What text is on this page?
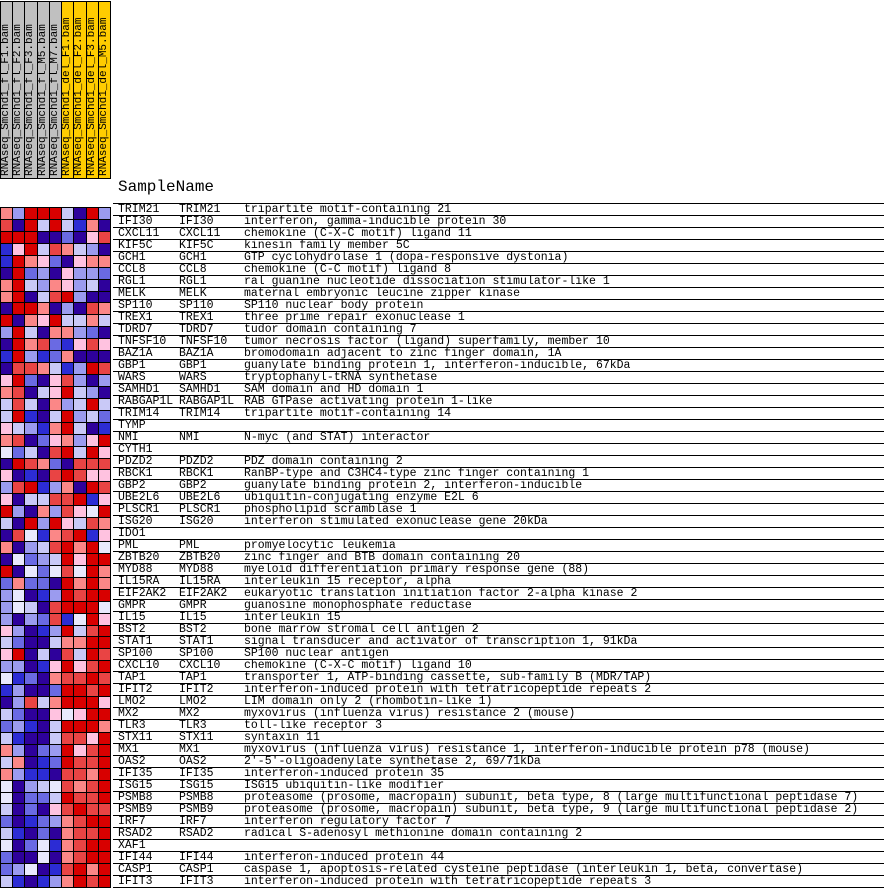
RNAseq_Smchd1_fl_F1.bam RNAseq_Smchd1_fl_F2.bam RNAseq_Smchd1_fl_F3.bam RNAseq_Smchd1_fl_M5.bam RNAseq_Smchd1_fl_M7.bam RNAseq_Smchd1_del_F1.bam RNAseq_Smchd1_del_F2.bam RNAseq_Smchd1_del_F3.bam RNAseq_Smchd1_del_M5.bam
SampleName
TRIM21	TRIM21	tripartite motif-containing 21
IFI30	IFI30	interferon, gamma-inducible protein 30
CXCL11	CXCL11	chemokine (C-X-C motif) ligand 11
KIF5C	KIF5C	kinesin family member 5C
GCH1	GCH1	GTP cyclohydrolase 1 (dopa-responsive dystonia)
CCL8	CCL8	chemokine (C-C motif) ligand 8
RGL1	RGL1	ral guanine nucleotide dissociation stimulator-like 1
MELK	MELK	maternal embryonic leucine zipper kinase
SP110	SP110	SP110 nuclear body protein
TREX1	TREX1	three prime repair exonuclease 1
TDRD7	TDRD7	tudor domain containing 7
TNFSF10	TNFSF10	tumor necrosis factor (ligand) superfamily, member 10
BAZ1A	BAZ1A	bromodomain adjacent to zinc finger domain, 1A
GBP1	GBP1	guanylate binding protein 1, interferon-inducible, 67kDa
WARS	WARS	tryptophanyl-tRNA synthetase
SAMHD1	SAMHD1	SAM domain and HD domain 1
RABGAP1L RABGAP1L RAB GTPase activating protein 1-like
TRIM14	TRIM14	tripartite motif-containing 14
TYMP
NMI	NMI	N-myc (and STAT) interactor
CYTH1
PDZD2	PDZD2	PDZ domain containing 2
RBCK1	RBCK1	RanBP-type and C3HC4-type zinc finger containing 1
GBP2	GBP2	guanylate binding protein 2, interferon-inducible
UBE2L6	UBE2L6	ubiquitin-conjugating enzyme E2L 6
PLSCR1	PLSCR1	phospholipid scramblase 1
ISG20	ISG20	interferon stimulated exonuclease gene 20kDa
IDO1
PML	PML	promyelocytic leukemia
ZBTB20	ZBTB20	zinc finger and BTB domain containing 20
MYD88	MYD88	myeloid differentiation primary response gene (88)
IL15RA	IL15RA	interleukin 15 receptor, alpha
EIF2AK2	EIF2AK2	eukaryotic translation initiation factor 2-alpha kinase 2
GMPR	GMPR	guanosine monophosphate reductase
IL15	IL15	interleukin 15
BST2	BST2	bone marrow stromal cell antigen 2
STAT1	STAT1	signal transducer and activator of transcription 1, 91kDa
SP100	SP100	SP100 nuclear antigen
CXCL10	CXCL10	chemokine (C-X-C motif) ligand 10
TAP1	TAP1	transporter 1, ATP-binding cassette, sub-family B (MDR/TAP)
IFIT2	IFIT2	interferon-induced protein with tetratricopeptide repeats 2
LMO2	LMO2	LIM domain only 2 (rhombotin-like 1)
MX2	MX2	myxovirus (influenza virus) resistance 2 (mouse)
TLR3	TLR3	toll-like receptor 3
STX11	STX11	syntaxin 11
MX1	MX1	myxovirus (influenza virus) resistance 1, interferon-inducible protein p78 (mouse)
OAS2	OAS2	2'-5'-oligoadenylate synthetase 2, 69/71kDa
IFI35	IFI35	interferon-induced protein 35
ISG15	ISG15	ISG15 ubiquitin-like modifier
PSMB8	PSMB8	proteasome (prosome, macropain) subunit, beta type, 8 (large multifunctional peptidase 7)
PSMB9	PSMB9	proteasome (prosome, macropain) subunit, beta type, 9 (large multifunctional peptidase 2)
IRF7	IRF7	interferon regulatory factor 7
RSAD2	RSAD2	radical S-adenosyl methionine domain containing 2
XAF1
IFI44	IFI44	interferon-induced protein 44
CASP1	CASP1	caspase 1, apoptosis-related cysteine peptidase (interleukin 1, beta, convertase)
IFIT3	IFIT3	interferon-induced protein with tetratricopeptide repeats 3
